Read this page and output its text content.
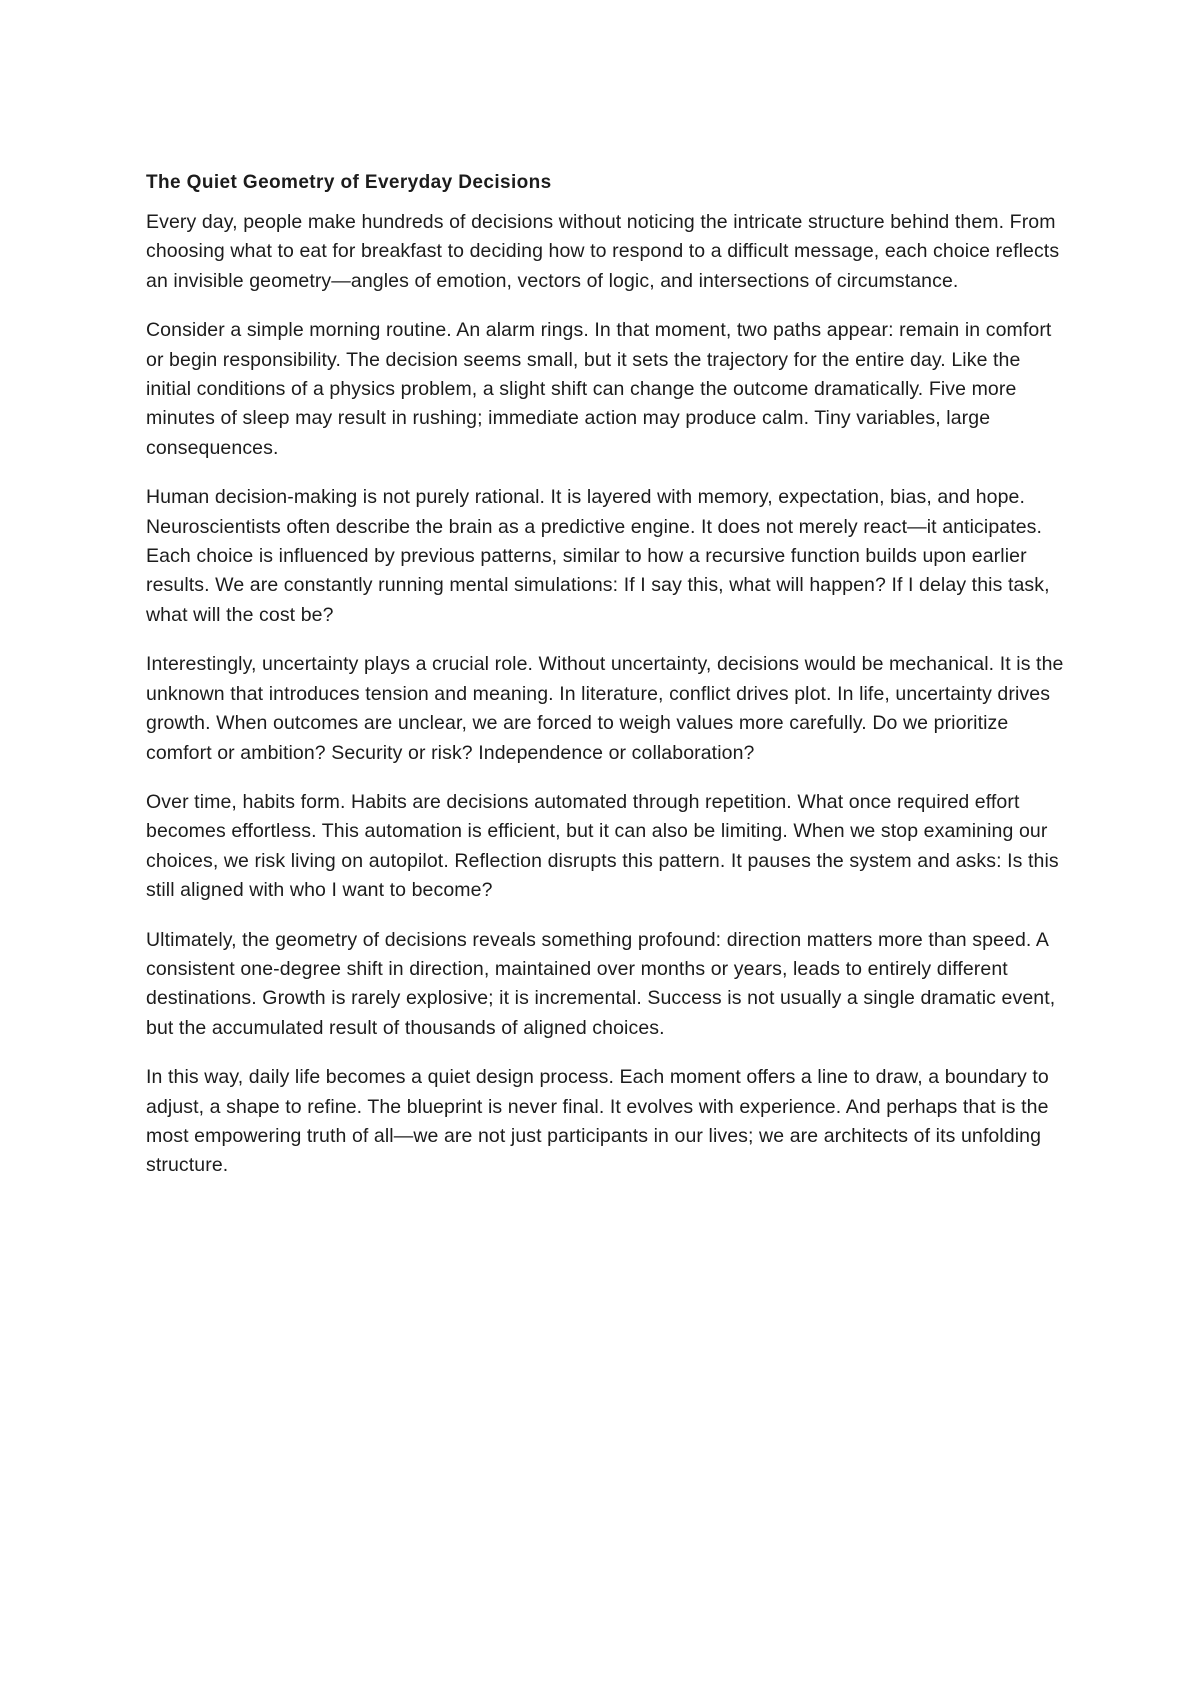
The Quiet Geometry of Everyday Decisions

Every day, people make hundreds of decisions without noticing the intricate structure behind them. From choosing what to eat for breakfast to deciding how to respond to a difficult message, each choice reflects an invisible geometry—angles of emotion, vectors of logic, and intersections of circumstance.

Consider a simple morning routine. An alarm rings. In that moment, two paths appear: remain in comfort or begin responsibility. The decision seems small, but it sets the trajectory for the entire day. Like the initial conditions of a physics problem, a slight shift can change the outcome dramatically. Five more minutes of sleep may result in rushing; immediate action may produce calm. Tiny variables, large consequences.

Human decision-making is not purely rational. It is layered with memory, expectation, bias, and hope. Neuroscientists often describe the brain as a predictive engine. It does not merely react—it anticipates. Each choice is influenced by previous patterns, similar to how a recursive function builds upon earlier results. We are constantly running mental simulations: If I say this, what will happen? If I delay this task, what will the cost be?

Interestingly, uncertainty plays a crucial role. Without uncertainty, decisions would be mechanical. It is the unknown that introduces tension and meaning. In literature, conflict drives plot. In life, uncertainty drives growth. When outcomes are unclear, we are forced to weigh values more carefully. Do we prioritize comfort or ambition? Security or risk? Independence or collaboration?

Over time, habits form. Habits are decisions automated through repetition. What once required effort becomes effortless. This automation is efficient, but it can also be limiting. When we stop examining our choices, we risk living on autopilot. Reflection disrupts this pattern. It pauses the system and asks: Is this still aligned with who I want to become?

Ultimately, the geometry of decisions reveals something profound: direction matters more than speed. A consistent one-degree shift in direction, maintained over months or years, leads to entirely different destinations. Growth is rarely explosive; it is incremental. Success is not usually a single dramatic event, but the accumulated result of thousands of aligned choices.

In this way, daily life becomes a quiet design process. Each moment offers a line to draw, a boundary to adjust, a shape to refine. The blueprint is never final. It evolves with experience. And perhaps that is the most empowering truth of all—we are not just participants in our lives; we are architects of its unfolding structure.
